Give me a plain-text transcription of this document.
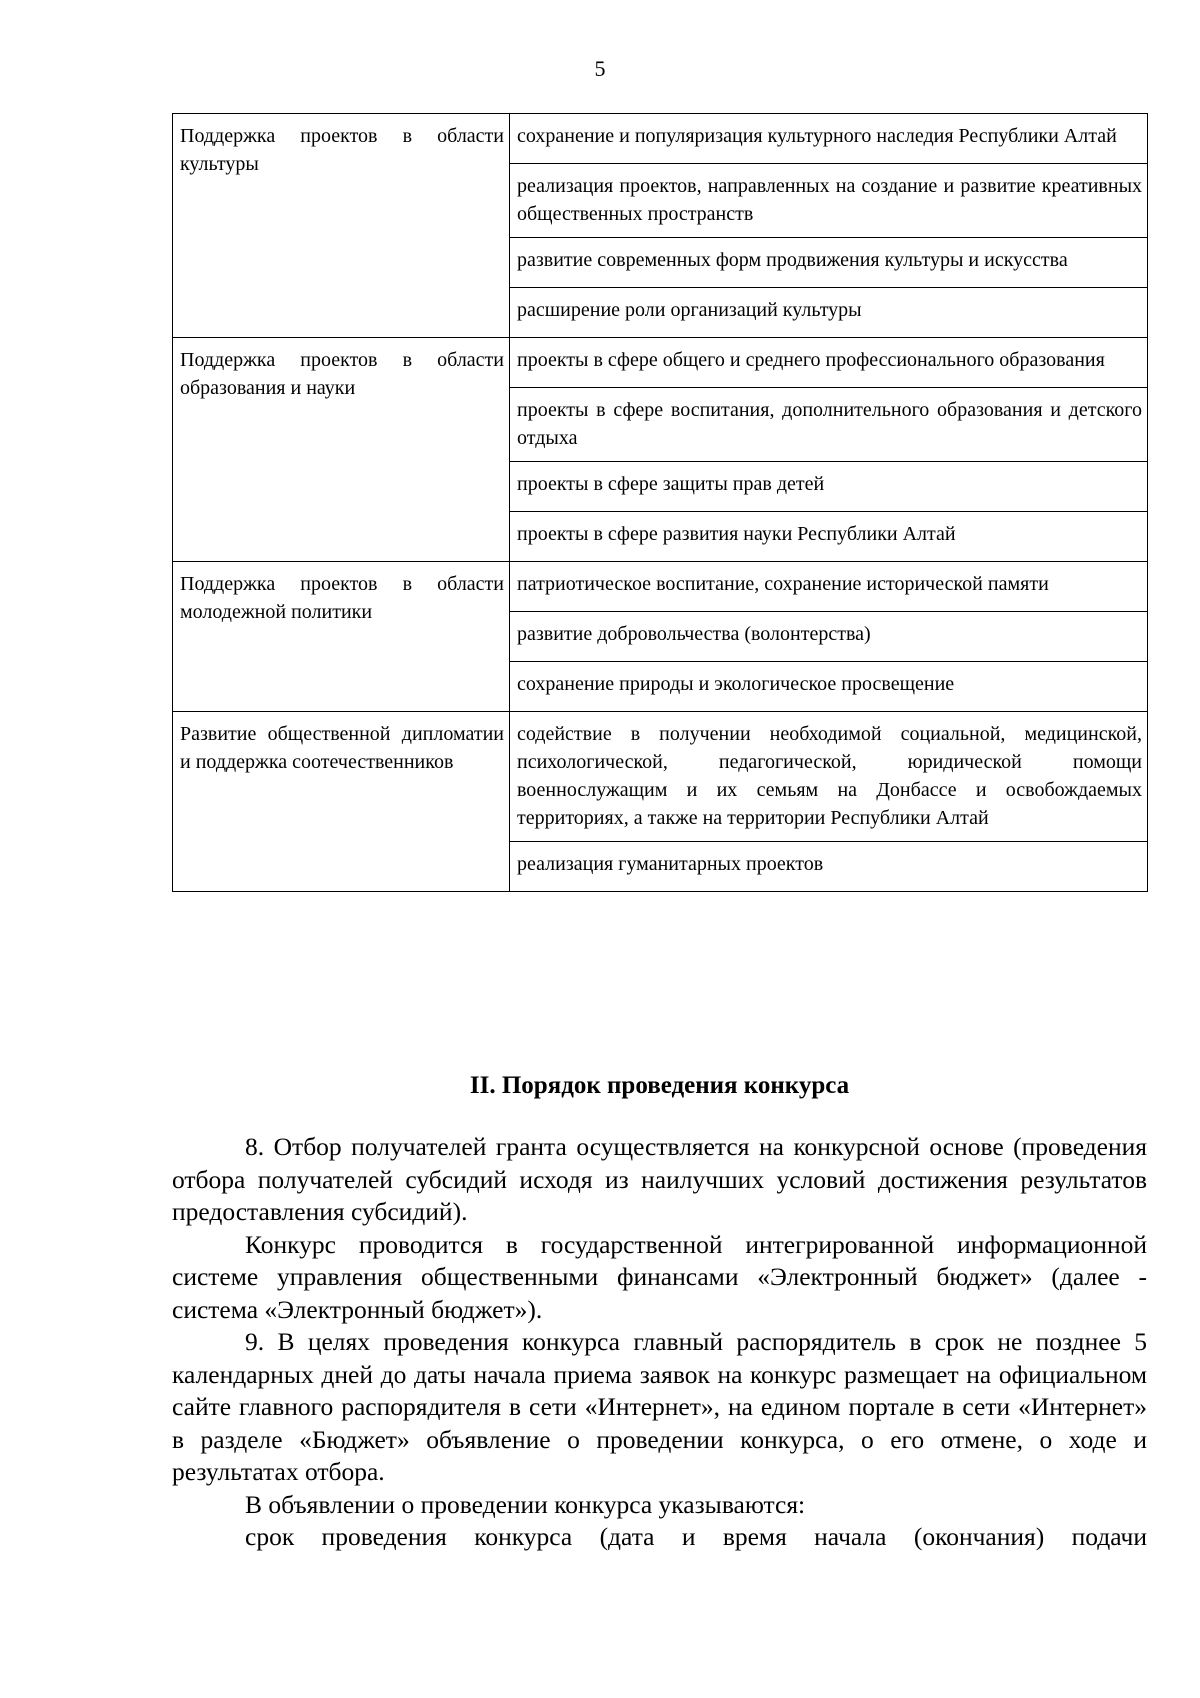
5
Поддержка проектов в области культуры	сохранение и популяризация культурного наследия Республики Алтай
	реализация проектов, направленных на создание и развитие креативных общественных пространств
	развитие современных форм продвижения культуры и искусства
	расширение роли организаций культуры
Поддержка проектов в области образования и науки	проекты в сфере общего и среднего профессионального образования
	проекты в сфере воспитания, дополнительного образования и детского отдыха
	проекты в сфере защиты прав детей
	проекты в сфере развития науки Республики Алтай
Поддержка проектов в области молодежной политики	патриотическое воспитание, сохранение исторической памяти
	развитие добровольчества (волонтерства)
	сохранение природы и экологическое просвещение
Развитие общественной дипломатии и поддержка соотечественников	содействие в получении необходимой социальной, медицинской, психологической, педагогической, юридической помощи военнослужащим и их семьям на Донбассе и освобождаемых территориях, а также на территории Республики Алтай
	реализация гуманитарных проектов
II. Порядок проведения конкурса

8. Отбор получателей гранта осуществляется на конкурсной основе (проведения отбора получателей субсидий исходя из наилучших условий достижения результатов предоставления субсидий).

Конкурс проводится в государственной интегрированной информационной системе управления общественными финансами «Электронный бюджет» (далее - система «Электронный бюджет»).

9. В целях проведения конкурса главный распорядитель в срок не позднее 5 календарных дней до даты начала приема заявок на конкурс размещает на официальном сайте главного распорядителя в сети «Интернет», на едином портале в сети «Интернет» в разделе «Бюджет» объявление о проведении конкурса, о его отмене, о ходе и результатах отбора.

В объявлении о проведении конкурса указываются:

срок проведения конкурса (дата и время начала (окончания) подачи
